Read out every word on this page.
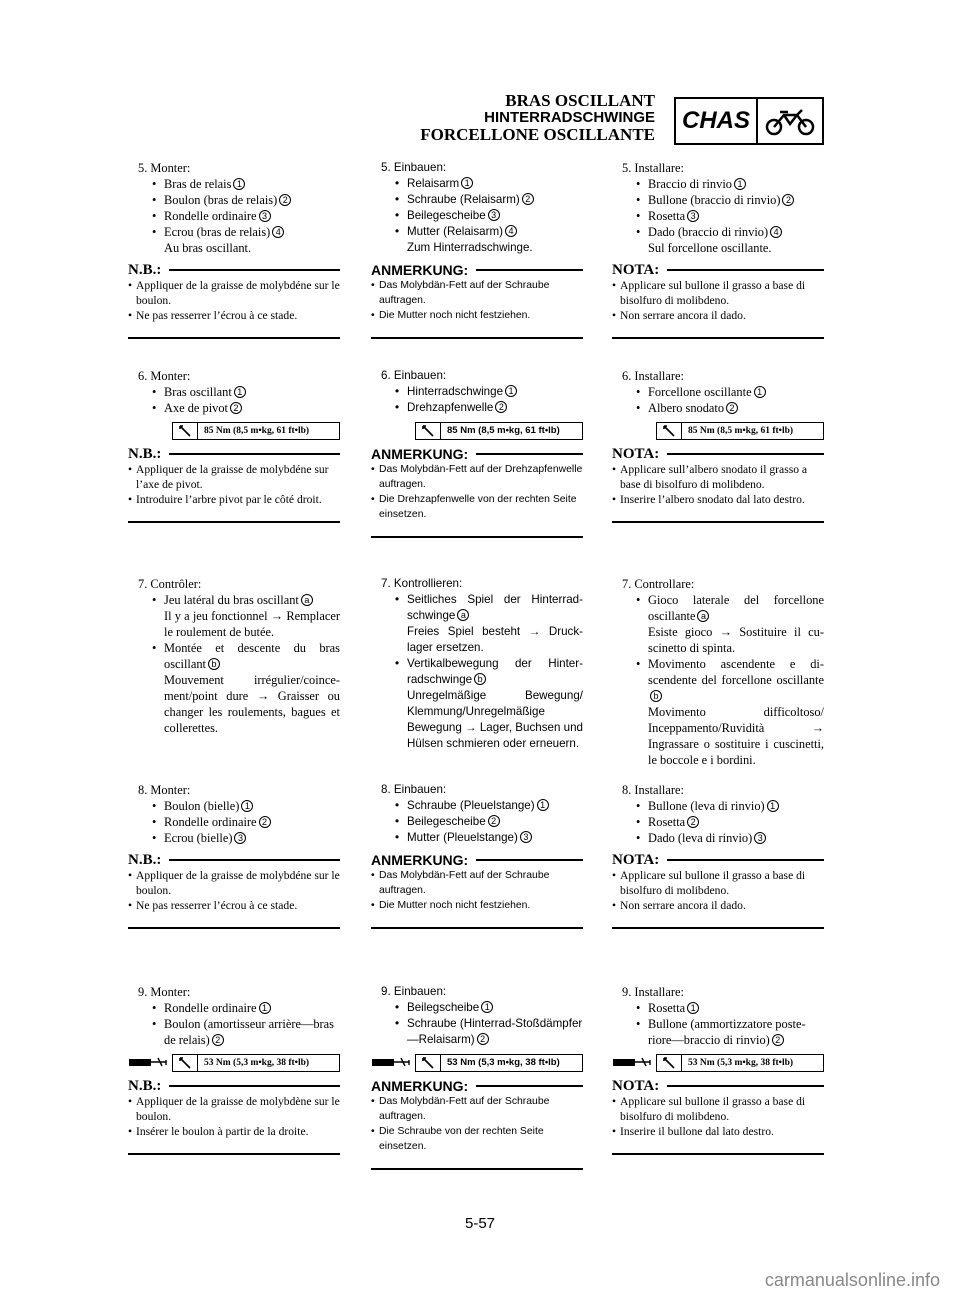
BRAS OSCILLANT
HINTERRADSCHWINGE
FORCELLONE OSCILLANTE
CHAS
5. Monter:
• Bras de relais 1
• Boulon (bras de relais) 2
• Rondelle ordinaire 3
• Ecrou (bras de relais) 4
Au bras oscillant.
N.B.:
• Appliquer de la graisse de molybdéne sur le boulon.
• Ne pas resserrer l’écrou à ce stade.
6. Monter:
• Bras oscillant 1
• Axe de pivot 2
85 Nm (8,5 m•kg, 61 ft•lb)
N.B.:
• Appliquer de la graisse de molybdéne sur l’axe de pivot.
• Introduire l’arbre pivot par le côté droit.
7. Contrôler:
• Jeu latéral du bras oscillant a
Il y a jeu fonctionnel → Remplacer le roulement de butée.
• Montée et descente du bras oscillant b
Mouvement irrégulier/coincement/point dure → Graisser ou changer les roulements, bagues et collerettes.
8. Monter:
• Boulon (bielle) 1
• Rondelle ordinaire 2
• Ecrou (bielle) 3
N.B.:
• Appliquer de la graisse de molybdéne sur le boulon.
• Ne pas resserrer l’écrou à ce stade.
9. Monter:
• Rondelle ordinaire 1
• Boulon (amortisseur arrière—bras de relais) 2
53 Nm (5,3 m•kg, 38 ft•lb)
N.B.:
• Appliquer de la graisse de molybdène sur le boulon.
• Insérer le boulon à partir de la droite.
5. Einbauen:
• Relaisarm 1
• Schraube (Relaisarm) 2
• Beilegescheibe 3
• Mutter (Relaisarm) 4
Zum Hinterradschwinge.
ANMERKUNG:
• Das Molybdän-Fett auf der Schraube auftragen.
• Die Mutter noch nicht festziehen.
6. Einbauen:
• Hinterradschwinge 1
• Drehzapfenwelle 2
85 Nm (8,5 m•kg, 61 ft•lb)
ANMERKUNG:
• Das Molybdän-Fett auf der Drehzapfenwelle auftragen.
• Die Drehzapfenwelle von der rechten Seite einsetzen.
7. Kontrollieren:
• Seitliches Spiel der Hinterradschwinge a
Freies Spiel besteht → Drucklager ersetzen.
• Vertikalbewegung der Hinterradschwinge b
Unregelmäßige Bewegung/ Klemmung/Unregelmäßige Bewegung → Lager, Buchsen und Hülsen schmieren oder erneuern.
8. Einbauen:
• Schraube (Pleuelstange) 1
• Beilegescheibe 2
• Mutter (Pleuelstange) 3
ANMERKUNG:
• Das Molybdän-Fett auf der Schraube auftragen.
• Die Mutter noch nicht festziehen.
9. Einbauen:
• Beilegscheibe 1
• Schraube (Hinterrad-Stoßdämpfer—Relaisarm) 2
53 Nm (5,3 m•kg, 38 ft•lb)
ANMERKUNG:
• Das Molybdän-Fett auf der Schraube auftragen.
• Die Schraube von der rechten Seite einsetzen.
5. Installare:
• Braccio di rinvio 1
• Bullone (braccio di rinvio) 2
• Rosetta 3
• Dado (braccio di rinvio) 4
Sul forcellone oscillante.
NOTA:
• Applicare sul bullone il grasso a base di bisolfuro di molibdeno.
• Non serrare ancora il dado.
6. Installare:
• Forcellone oscillante 1
• Albero snodato 2
85 Nm (8,5 m•kg, 61 ft•lb)
NOTA:
• Applicare sull’albero snodato il grasso a base di bisolfuro di molibdeno.
• Inserire l’albero snodato dal lato destro.
7. Controllare:
• Gioco laterale del forcellone oscillante a
Esiste gioco → Sostituire il cuscinetto di spinta.
• Movimento ascendente e discendente del forcellone oscillanteb
Movimento difficoltoso/ Inceppamento/Ruvidità → Ingrassare o sostituire i cuscinetti, le boccole e i bordini.
8. Installare:
• Bullone (leva di rinvio) 1
• Rosetta 2
• Dado (leva di rinvio) 3
NOTA:
• Applicare sul bullone il grasso a base di bisolfuro di molibdeno.
• Non serrare ancora il dado.
9. Installare:
• Rosetta 1
• Bullone (ammortizzatore posteriore—braccio di rinvio) 2
53 Nm (5,3 m•kg, 38 ft•lb)
NOTA:
• Applicare sul bullone il grasso a base di bisolfuro di molibdeno.
• Inserire il bullone dal lato destro.
5-57
carmanualsonline.info
